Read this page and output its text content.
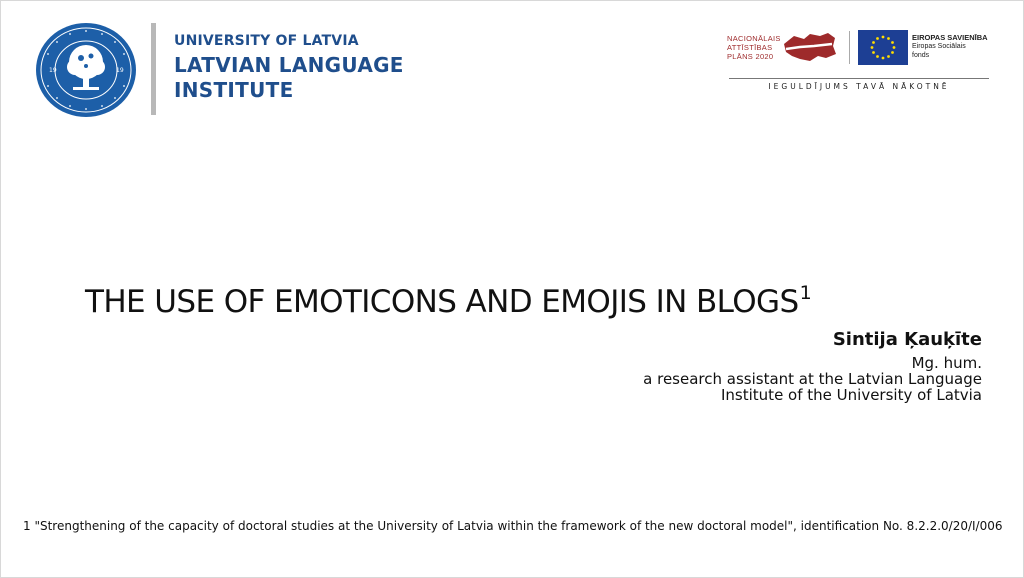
19	19
UNIVERSITY OF LATVIA
LATVIAN LANGUAGE
INSTITUTE
NACIONĀLAIS
ATTĪSTĪBAS
PLĀNS 2020
EIROPAS SAVIENĪBA
Eiropas Sociālais
fonds
IEGULDĪJUMS TAVĀ NĀKOTNĒ
THE USE OF EMOTICONS AND EMOJIS IN BLOGS$^1$
Sintija Ķauķīte
Mg. hum.
a research assistant at the Latvian Language
Institute of the University of Latvia
1 "Strengthening of the capacity of doctoral studies at the University of Latvia within the framework of the new doctoral model", identification No. 8.2.2.0/20/I/006
